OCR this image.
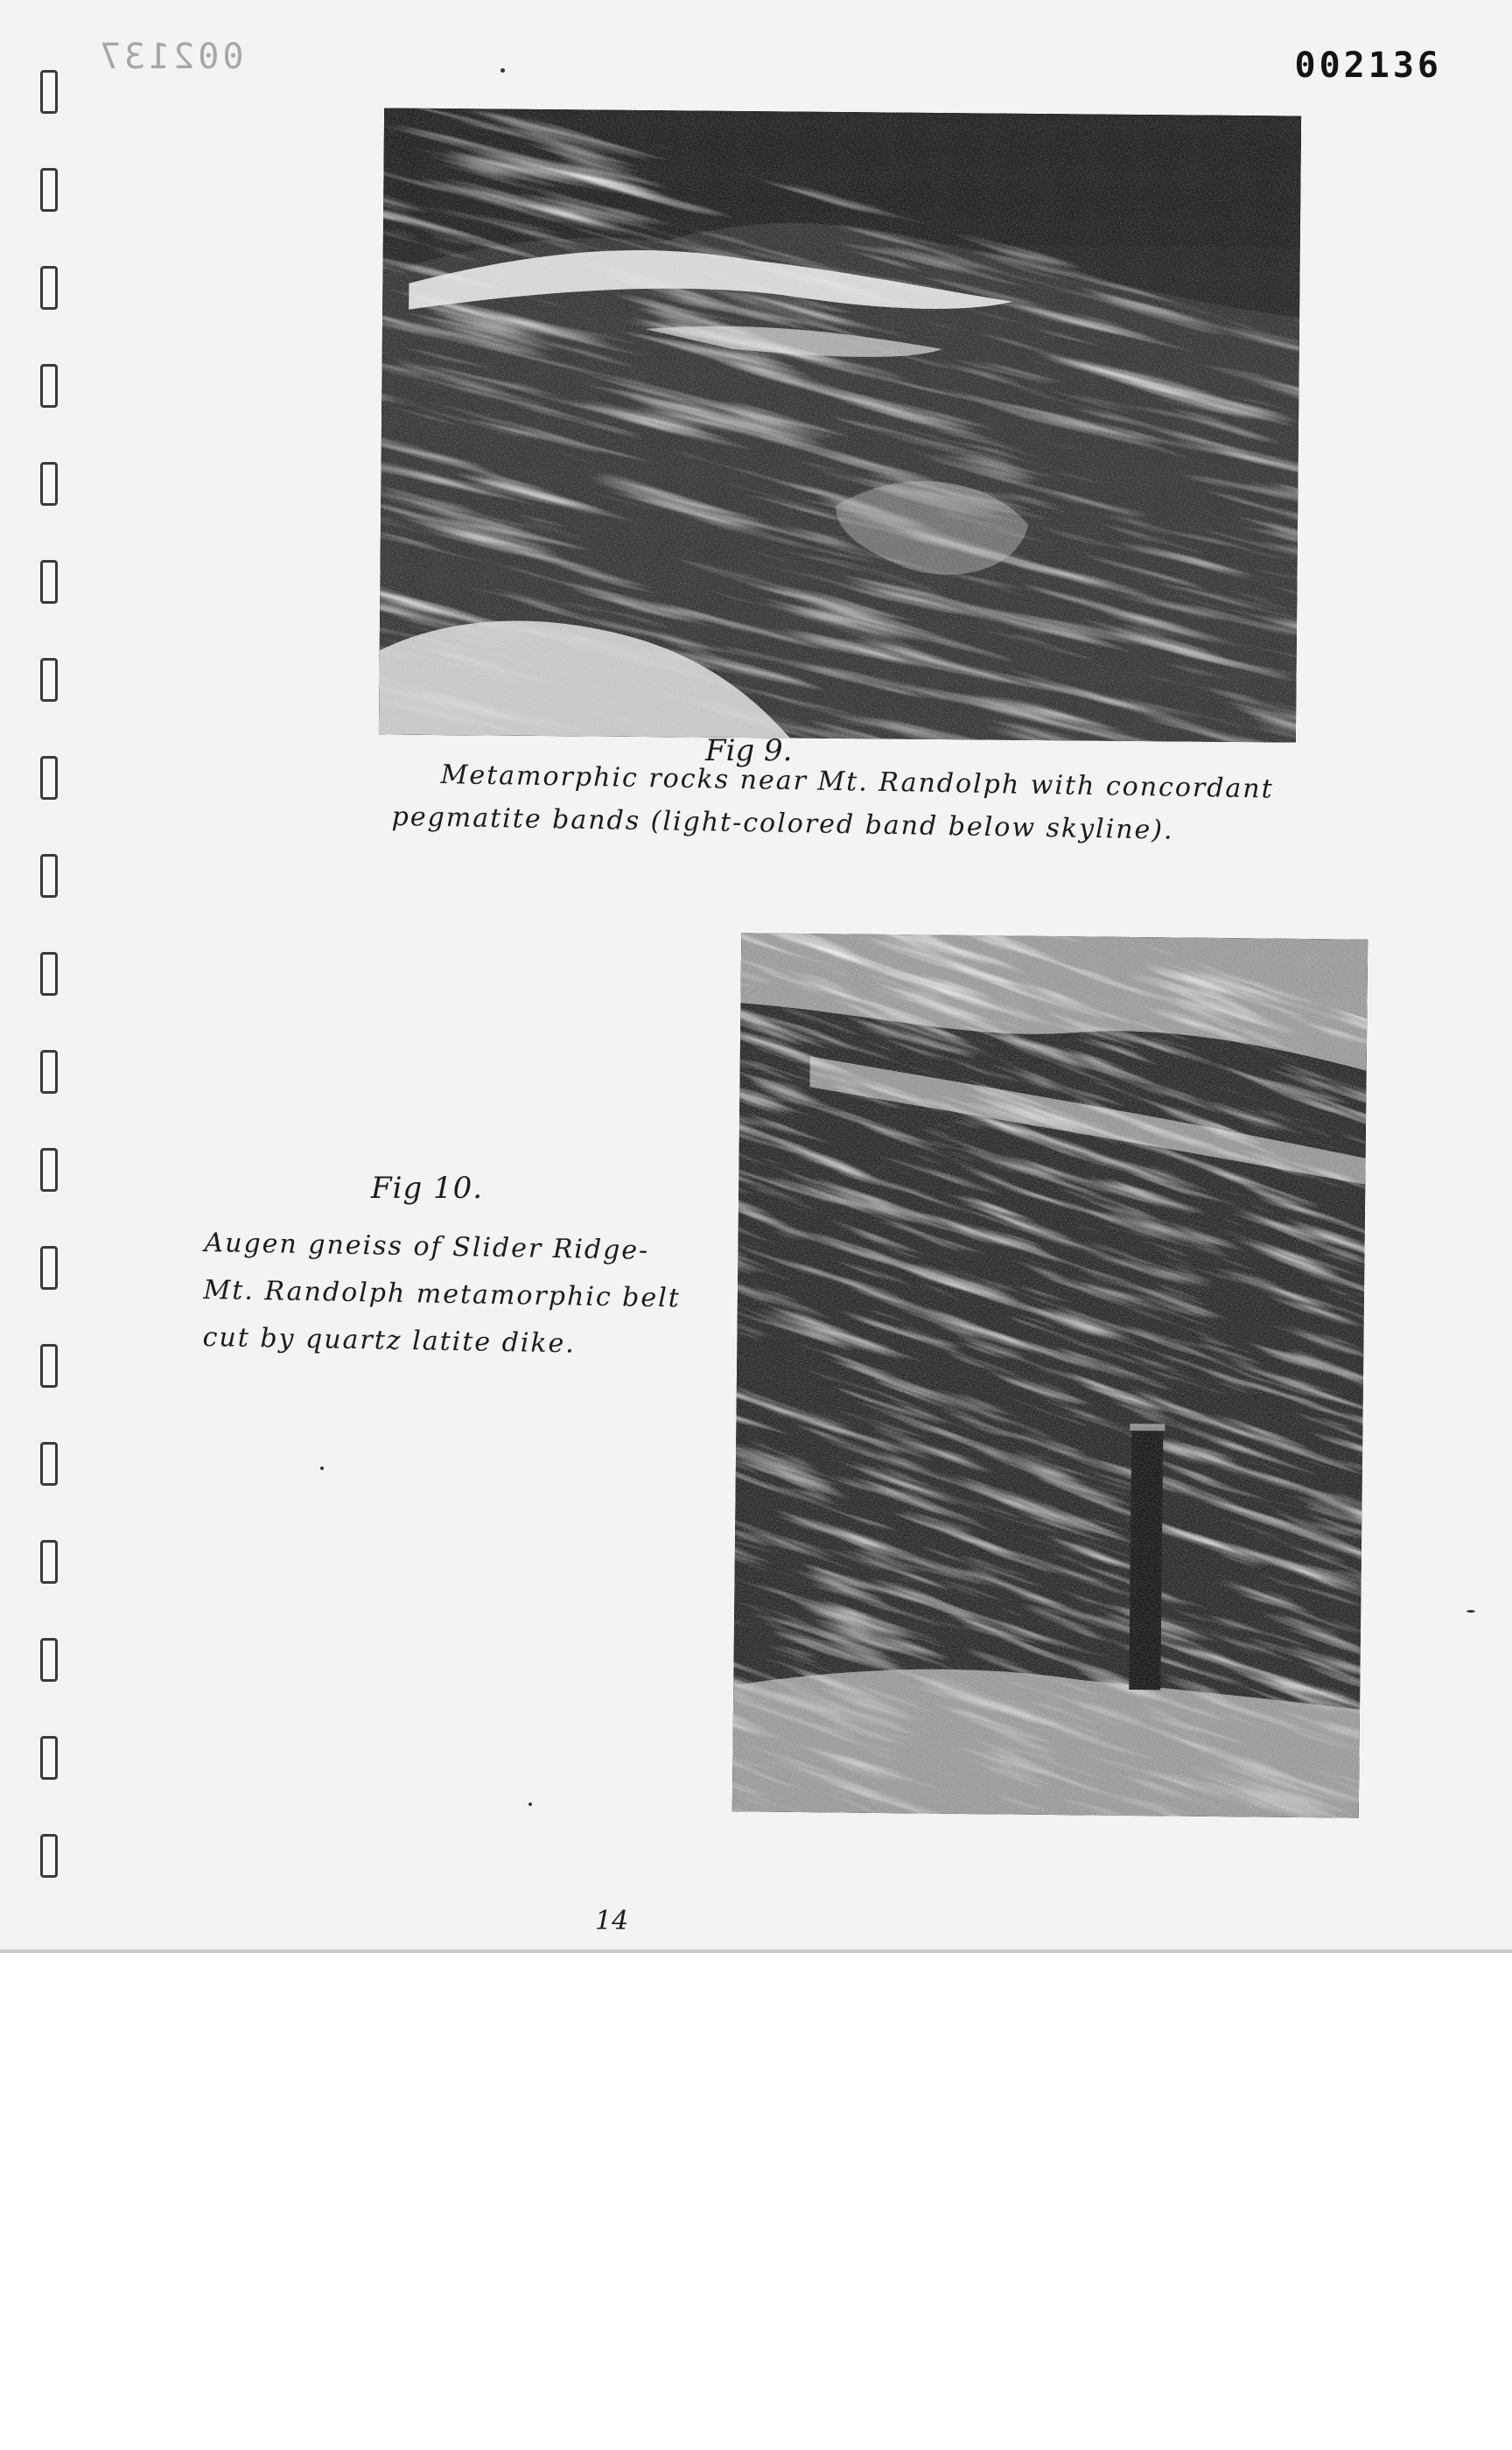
002137	002136
Fig 9.
Metamorphic rocks near Mt. Randolph with concordant
pegmatite bands (light-colored band below skyline).
Fig 10.
Augen gneiss of Slider Ridge-
Mt. Randolph metamorphic belt
cut by quartz latite dike.
14
